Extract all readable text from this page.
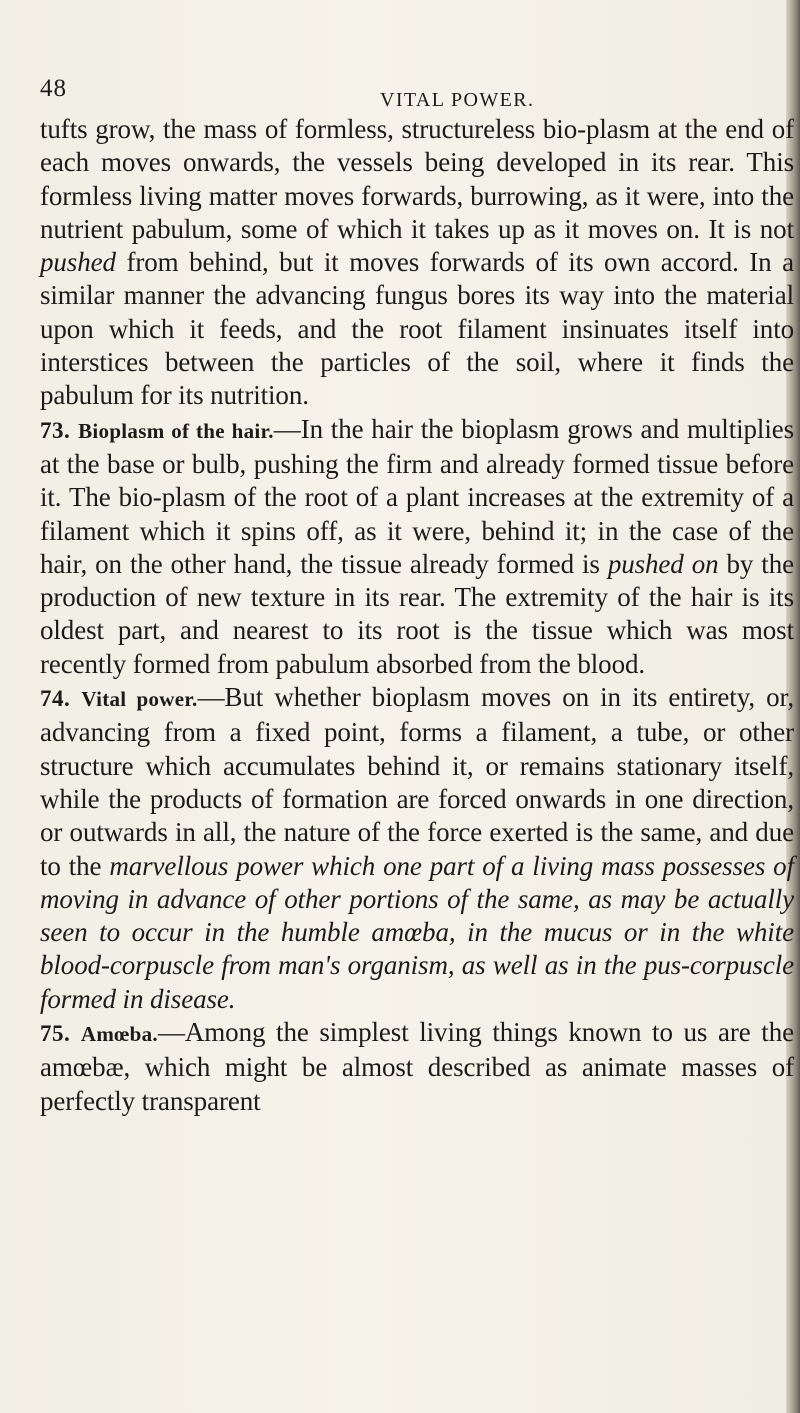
48	VITAL POWER.

tufts grow, the mass of formless, structureless bio-plasm at the end of each moves onwards, the vessels being developed in its rear. This formless living matter moves forwards, burrowing, as it were, into the nutrient pabulum, some of which it takes up as it moves on. It is not pushed from behind, but it moves forwards of its own accord. In a similar manner the advancing fungus bores its way into the material upon which it feeds, and the root filament insinuates itself into interstices between the particles of the soil, where it finds the pabulum for its nutrition.

73. Bioplasm of the hair.—In the hair the bioplasm grows and multiplies at the base or bulb, pushing the firm and already formed tissue before it. The bio-plasm of the root of a plant increases at the extremity of a filament which it spins off, as it were, behind it; in the case of the hair, on the other hand, the tissue already formed is pushed on by the production of new texture in its rear. The extremity of the hair is its oldest part, and nearest to its root is the tissue which was most recently formed from pabulum absorbed from the blood.

74. Vital power.—But whether bioplasm moves on in its entirety, or, advancing from a fixed point, forms a filament, a tube, or other structure which accumulates behind it, or remains stationary itself, while the products of formation are forced onwards in one direction, or outwards in all, the nature of the force exerted is the same, and due to the marvellous power which one part of a living mass possesses of moving in advance of other portions of the same, as may be actually seen to occur in the humble amœba, in the mucus or in the white blood-corpuscle from man's organism, as well as in the pus-corpuscle formed in disease.

75. Amœba.—Among the simplest living things known to us are the amœbæ, which might be almost described as animate masses of perfectly transparent
